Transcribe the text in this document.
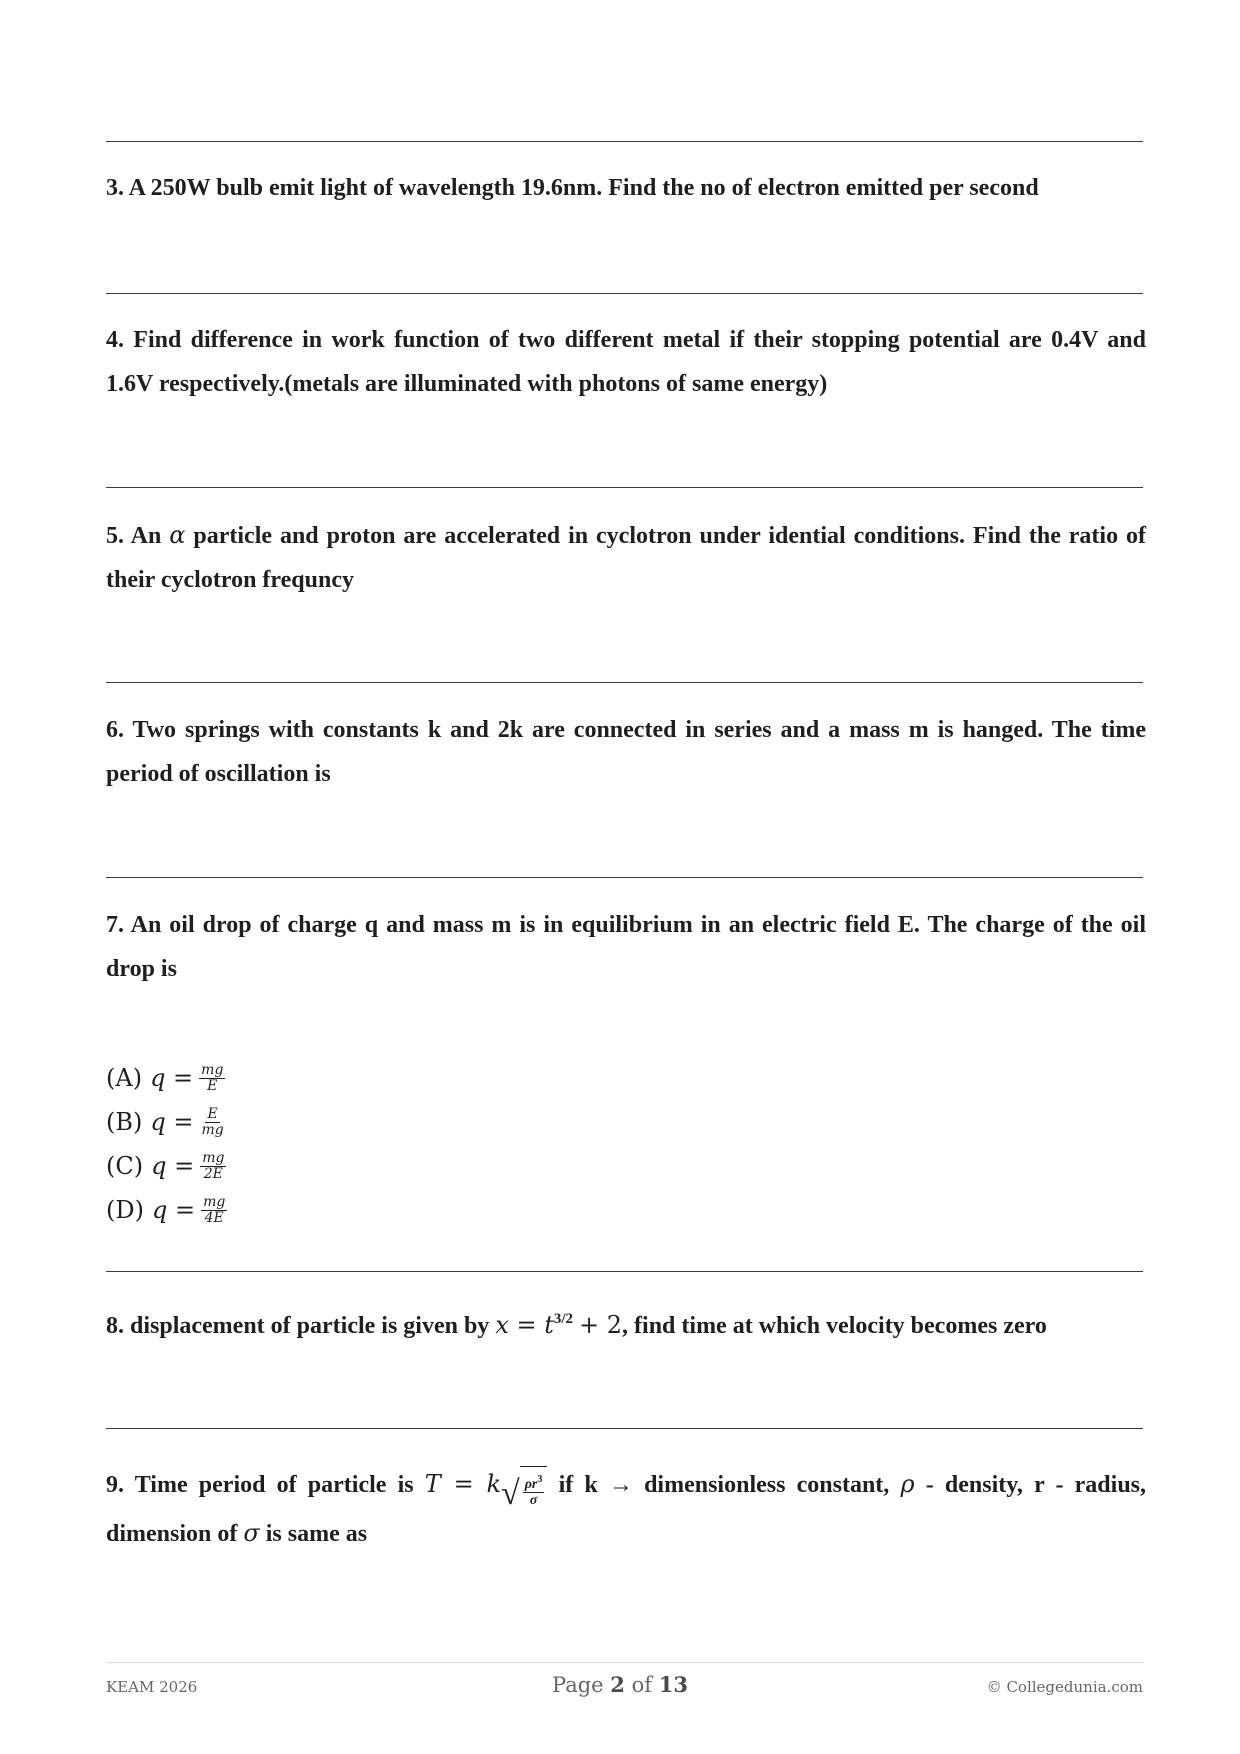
3. A 250W bulb emit light of wavelength 19.6nm. Find the no of electron emitted per second
4. Find difference in work function of two different metal if their stopping potential are 0.4V and 1.6V respectively.(metals are illuminated with photons of same energy)
5. An α particle and proton are accelerated in cyclotron under idential conditions. Find the ratio of their cyclotron frequncy
6. Two springs with constants k and 2k are connected in series and a mass m is hanged. The time period of oscillation is
7. An oil drop of charge q and mass m is in equilibrium in an electric field E. The charge of the oil drop is
(A) $q = \frac{mg}{E}$
(B) $q = \frac{E}{mg}$
(C) $q = \frac{mg}{2E}$
(D) $q = \frac{mg}{4E}$
8. displacement of particle is given by $x = t^{3/2} + 2$, find time at which velocity becomes zero
9. Time period of particle is T = k √ $\frac{\rho r^3}{\sigma}$ if k → dimensionless constant, ρ - density, r - radius, dimension of σ is same as
KEAM 2026	Page 2 of 13	© Collegedunia.com
